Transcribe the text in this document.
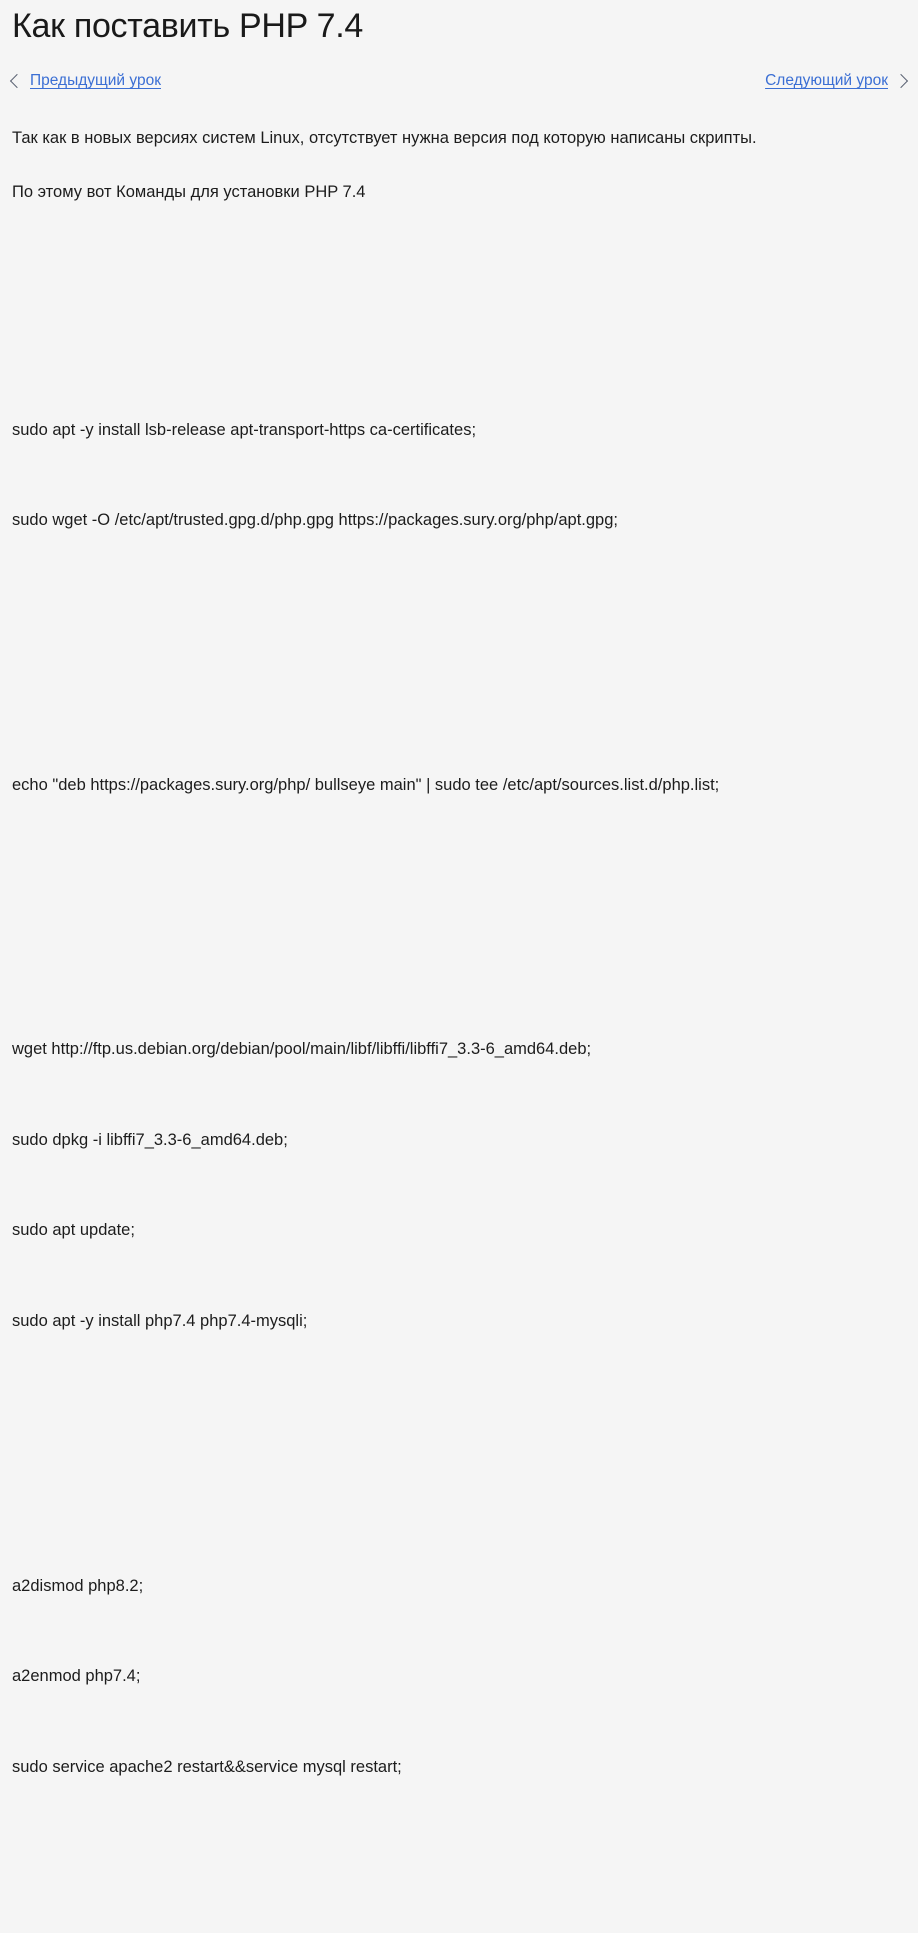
Как поставить PHP 7.4
Предыдущий урок	Следующий урок

Так как в новых версиях систем Linux, отсутствует нужна версия под которую написаны скрипты.

По этому вот Команды для установки PHP 7.4

sudo apt -y install lsb-release apt-transport-https ca-certificates;

sudo wget -O /etc/apt/trusted.gpg.d/php.gpg https://packages.sury.org/php/apt.gpg;

echo "deb https://packages.sury.org/php/ bullseye main" | sudo tee /etc/apt/sources.list.d/php.list;

wget http://ftp.us.debian.org/debian/pool/main/libf/libffi/libffi7_3.3-6_amd64.deb;

sudo dpkg -i libffi7_3.3-6_amd64.deb;

sudo apt update;

sudo apt -y install php7.4 php7.4-mysqli;

a2dismod php8.2;

a2enmod php7.4;

sudo service apache2 restart&&service mysql restart;
